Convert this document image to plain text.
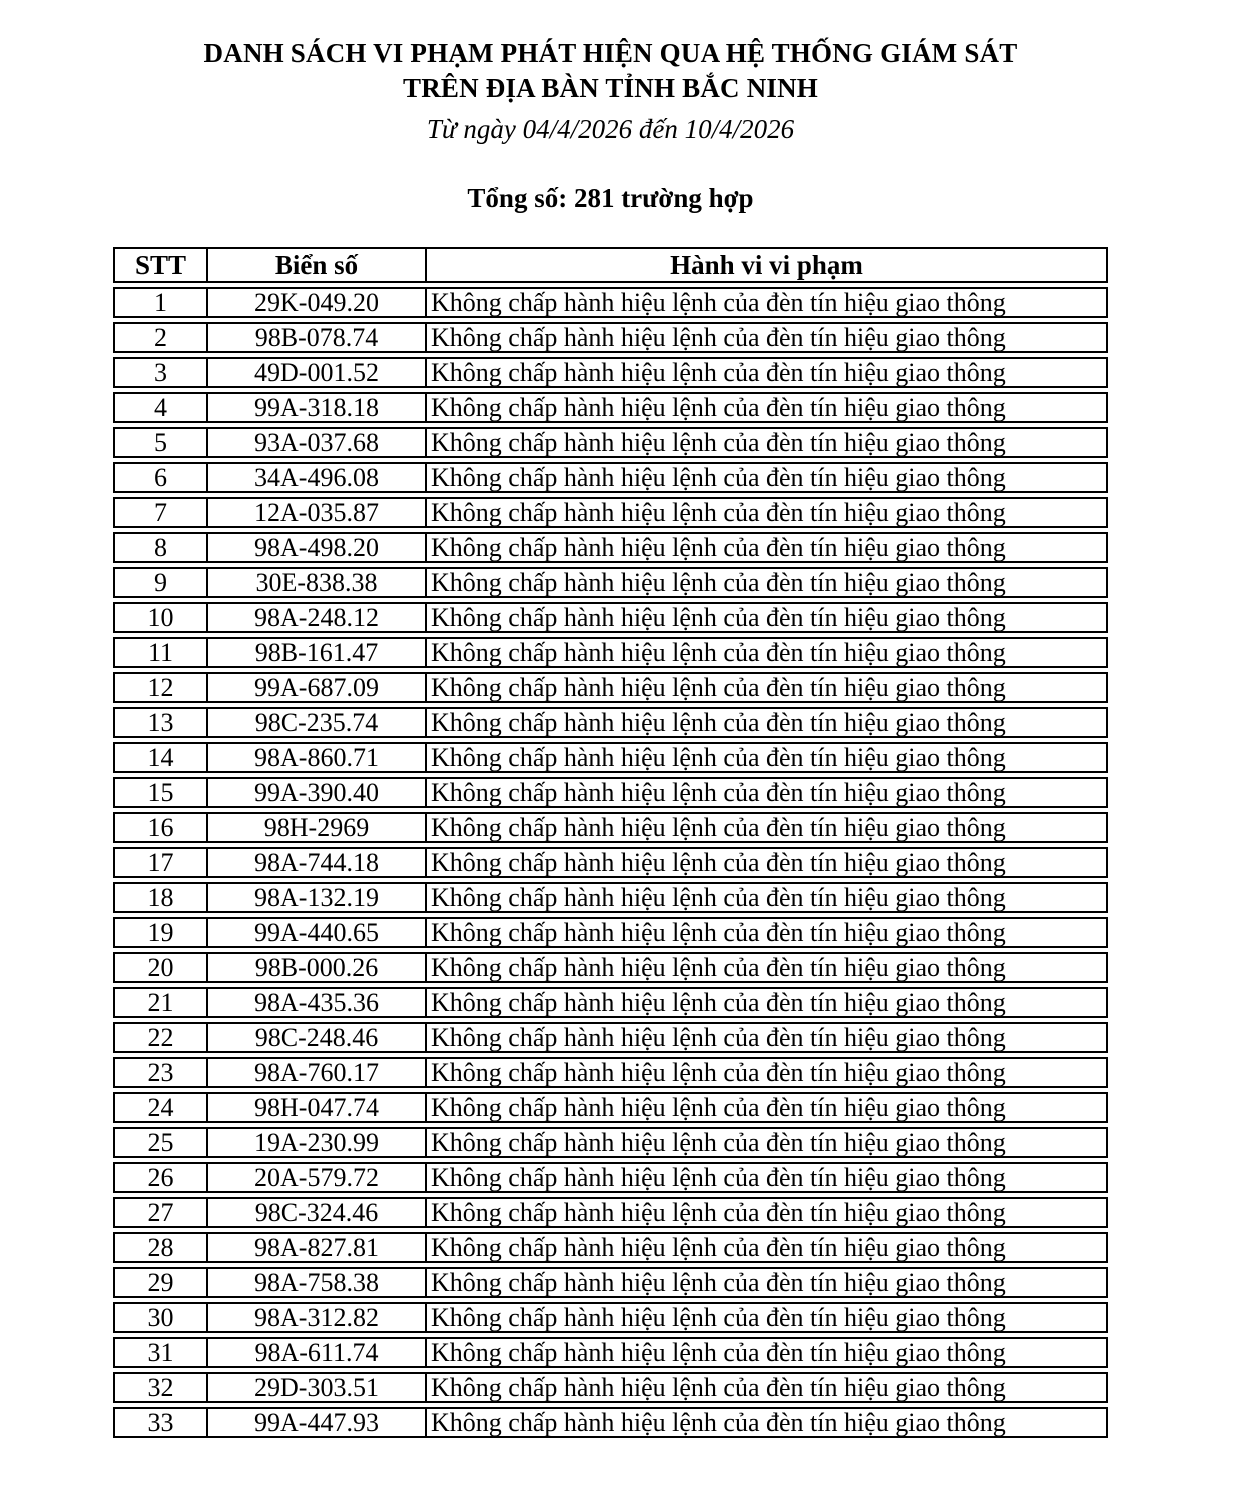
DANH SÁCH VI PHẠM PHÁT HIỆN QUA HỆ THỐNG GIÁM SÁT
TRÊN ĐỊA BÀN TỈNH BẮC NINH
Từ ngày 04/4/2026 đến 10/4/2026
Tổng số: 281 trường hợp
STT	Biển số	Hành vi vi phạm
1	29K-049.20	Không chấp hành hiệu lệnh của đèn tín hiệu giao thông
2	98B-078.74	Không chấp hành hiệu lệnh của đèn tín hiệu giao thông
3	49D-001.52	Không chấp hành hiệu lệnh của đèn tín hiệu giao thông
4	99A-318.18	Không chấp hành hiệu lệnh của đèn tín hiệu giao thông
5	93A-037.68	Không chấp hành hiệu lệnh của đèn tín hiệu giao thông
6	34A-496.08	Không chấp hành hiệu lệnh của đèn tín hiệu giao thông
7	12A-035.87	Không chấp hành hiệu lệnh của đèn tín hiệu giao thông
8	98A-498.20	Không chấp hành hiệu lệnh của đèn tín hiệu giao thông
9	30E-838.38	Không chấp hành hiệu lệnh của đèn tín hiệu giao thông
10	98A-248.12	Không chấp hành hiệu lệnh của đèn tín hiệu giao thông
11	98B-161.47	Không chấp hành hiệu lệnh của đèn tín hiệu giao thông
12	99A-687.09	Không chấp hành hiệu lệnh của đèn tín hiệu giao thông
13	98C-235.74	Không chấp hành hiệu lệnh của đèn tín hiệu giao thông
14	98A-860.71	Không chấp hành hiệu lệnh của đèn tín hiệu giao thông
15	99A-390.40	Không chấp hành hiệu lệnh của đèn tín hiệu giao thông
16	98H-2969	Không chấp hành hiệu lệnh của đèn tín hiệu giao thông
17	98A-744.18	Không chấp hành hiệu lệnh của đèn tín hiệu giao thông
18	98A-132.19	Không chấp hành hiệu lệnh của đèn tín hiệu giao thông
19	99A-440.65	Không chấp hành hiệu lệnh của đèn tín hiệu giao thông
20	98B-000.26	Không chấp hành hiệu lệnh của đèn tín hiệu giao thông
21	98A-435.36	Không chấp hành hiệu lệnh của đèn tín hiệu giao thông
22	98C-248.46	Không chấp hành hiệu lệnh của đèn tín hiệu giao thông
23	98A-760.17	Không chấp hành hiệu lệnh của đèn tín hiệu giao thông
24	98H-047.74	Không chấp hành hiệu lệnh của đèn tín hiệu giao thông
25	19A-230.99	Không chấp hành hiệu lệnh của đèn tín hiệu giao thông
26	20A-579.72	Không chấp hành hiệu lệnh của đèn tín hiệu giao thông
27	98C-324.46	Không chấp hành hiệu lệnh của đèn tín hiệu giao thông
28	98A-827.81	Không chấp hành hiệu lệnh của đèn tín hiệu giao thông
29	98A-758.38	Không chấp hành hiệu lệnh của đèn tín hiệu giao thông
30	98A-312.82	Không chấp hành hiệu lệnh của đèn tín hiệu giao thông
31	98A-611.74	Không chấp hành hiệu lệnh của đèn tín hiệu giao thông
32	29D-303.51	Không chấp hành hiệu lệnh của đèn tín hiệu giao thông
33	99A-447.93	Không chấp hành hiệu lệnh của đèn tín hiệu giao thông
